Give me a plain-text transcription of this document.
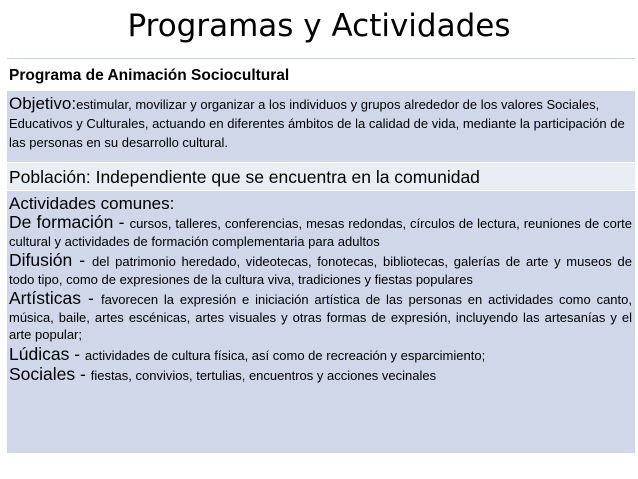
Programas y Actividades
Programa de Animación Sociocultural
Objetivo:estimular, movilizar y organizar a los individuos y grupos alrededor de los valores Sociales, Educativos y Culturales, actuando en diferentes ámbitos de la calidad de vida, mediante la participación de las personas en su desarrollo cultural.
Población: Independiente que se encuentra en la comunidad
Actividades comunes:
De formación - cursos, talleres, conferencias, mesas redondas, círculos de lectura, reuniones de corte cultural y actividades de formación complementaria para adultos
Difusión - del patrimonio heredado, videotecas, fonotecas, bibliotecas, galerías de arte y museos de todo tipo, como de expresiones de la cultura viva, tradiciones y fiestas populares
Artísticas - favorecen la expresión e iniciación artística de las personas en actividades como canto, música, baile, artes escénicas, artes visuales y otras formas de expresión, incluyendo las artesanías y el arte popular;
Lúdicas - actividades de cultura física, así como de recreación y esparcimiento;
Sociales - fiestas, convivios, tertulias, encuentros y acciones vecinales
